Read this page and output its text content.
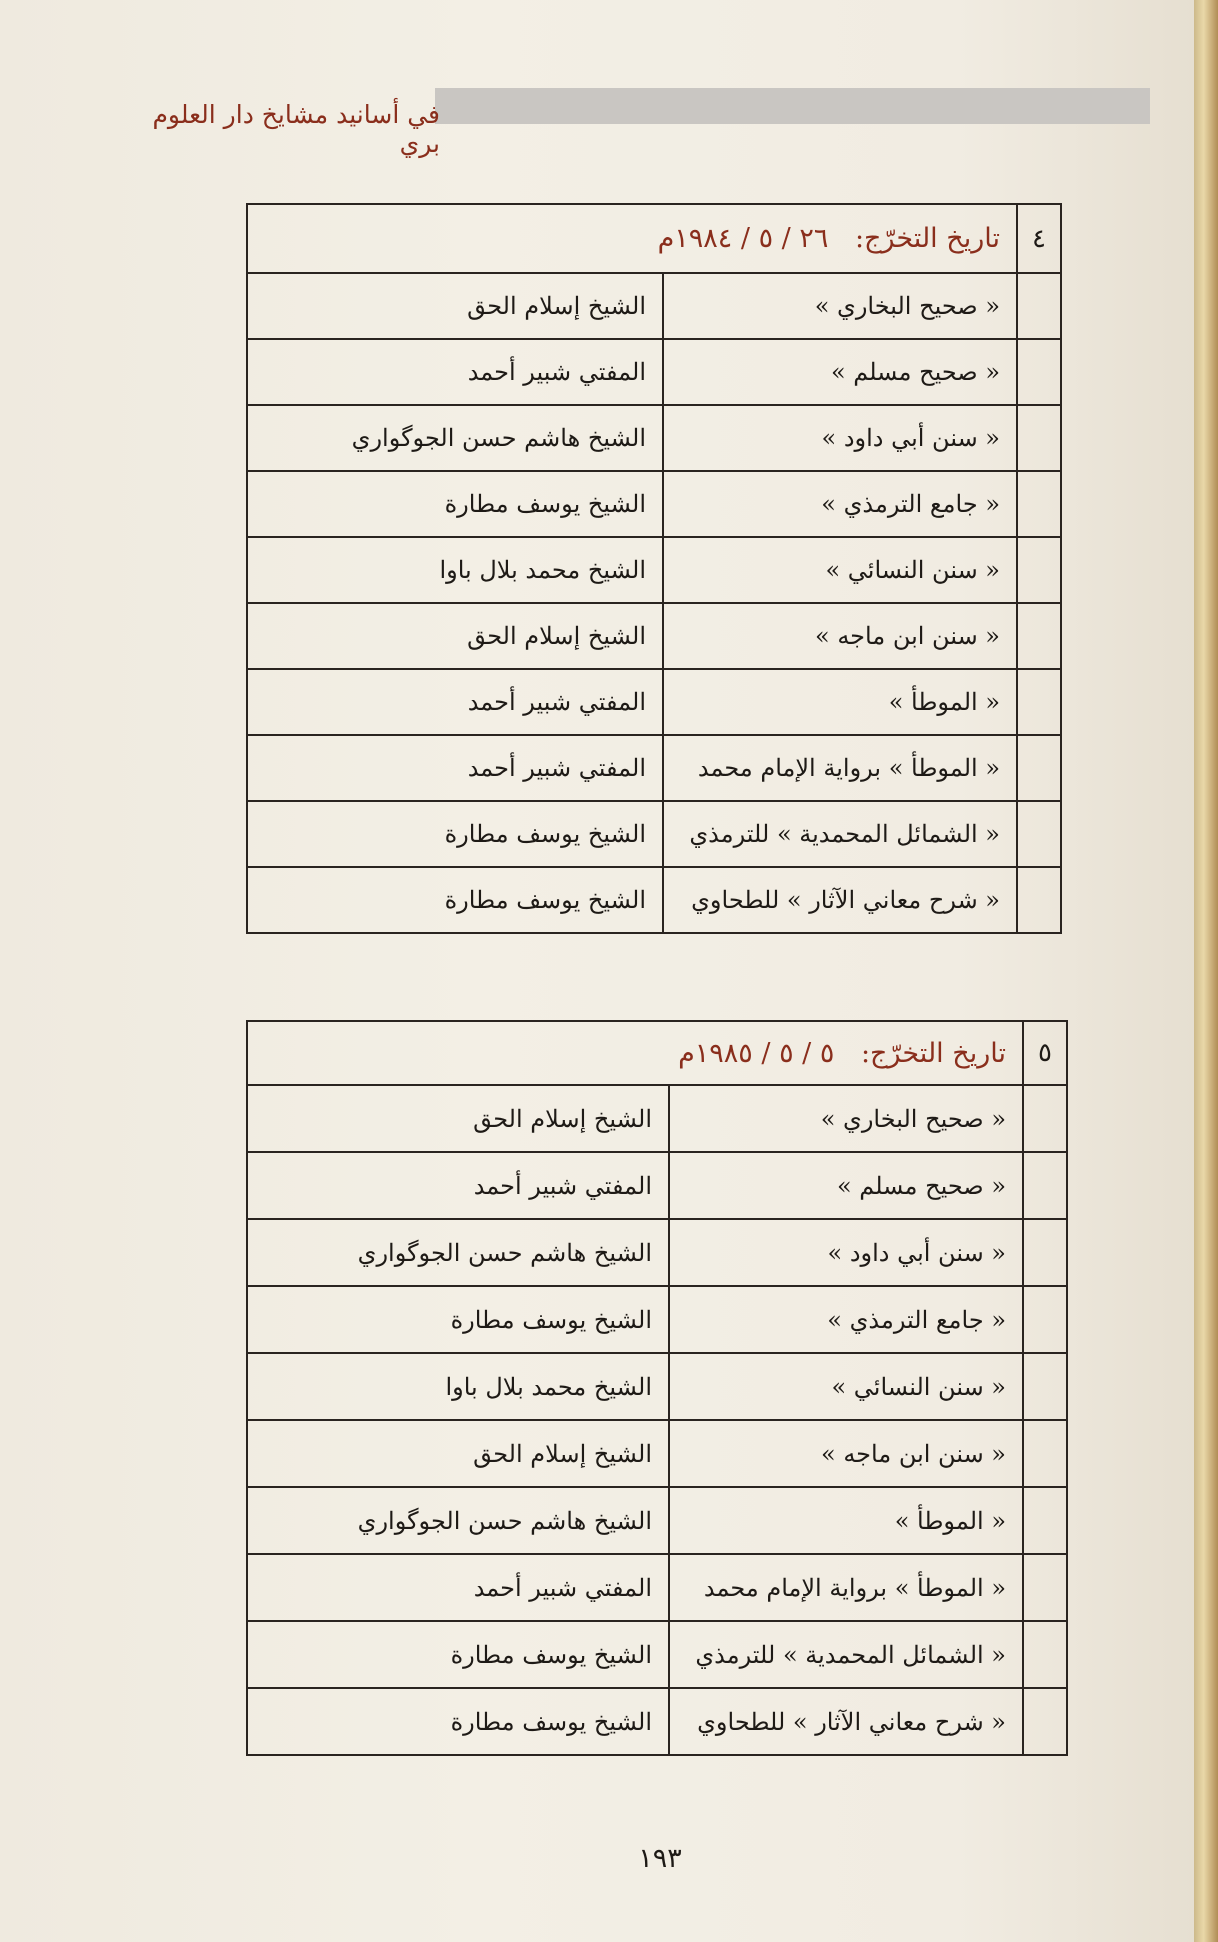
في أسانيد مشايخ دار العلوم بري
٤	تاريخ التخرّج: ٢٦ / ٥ / ١٩٨٤م	
	« صحيح البخاري »	الشيخ إسلام الحق
	« صحيح مسلم »	المفتي شبير أحمد
	« سنن أبي داود »	الشيخ هاشم حسن الجوگواري
	« جامع الترمذي »	الشيخ يوسف مطارة
	« سنن النسائي »	الشيخ محمد بلال باوا
	« سنن ابن ماجه »	الشيخ إسلام الحق
	« الموطأ »	المفتي شبير أحمد
	« الموطأ » برواية الإمام محمد	المفتي شبير أحمد
	« الشمائل المحمدية » للترمذي	الشيخ يوسف مطارة
	« شرح معاني الآثار » للطحاوي	الشيخ يوسف مطارة
٥	تاريخ التخرّج: ٥ / ٥ / ١٩٨٥م	
	« صحيح البخاري »	الشيخ إسلام الحق
	« صحيح مسلم »	المفتي شبير أحمد
	« سنن أبي داود »	الشيخ هاشم حسن الجوگواري
	« جامع الترمذي »	الشيخ يوسف مطارة
	« سنن النسائي »	الشيخ محمد بلال باوا
	« سنن ابن ماجه »	الشيخ إسلام الحق
	« الموطأ »	الشيخ هاشم حسن الجوگواري
	« الموطأ » برواية الإمام محمد	المفتي شبير أحمد
	« الشمائل المحمدية » للترمذي	الشيخ يوسف مطارة
	« شرح معاني الآثار » للطحاوي	الشيخ يوسف مطارة
١٩٣
